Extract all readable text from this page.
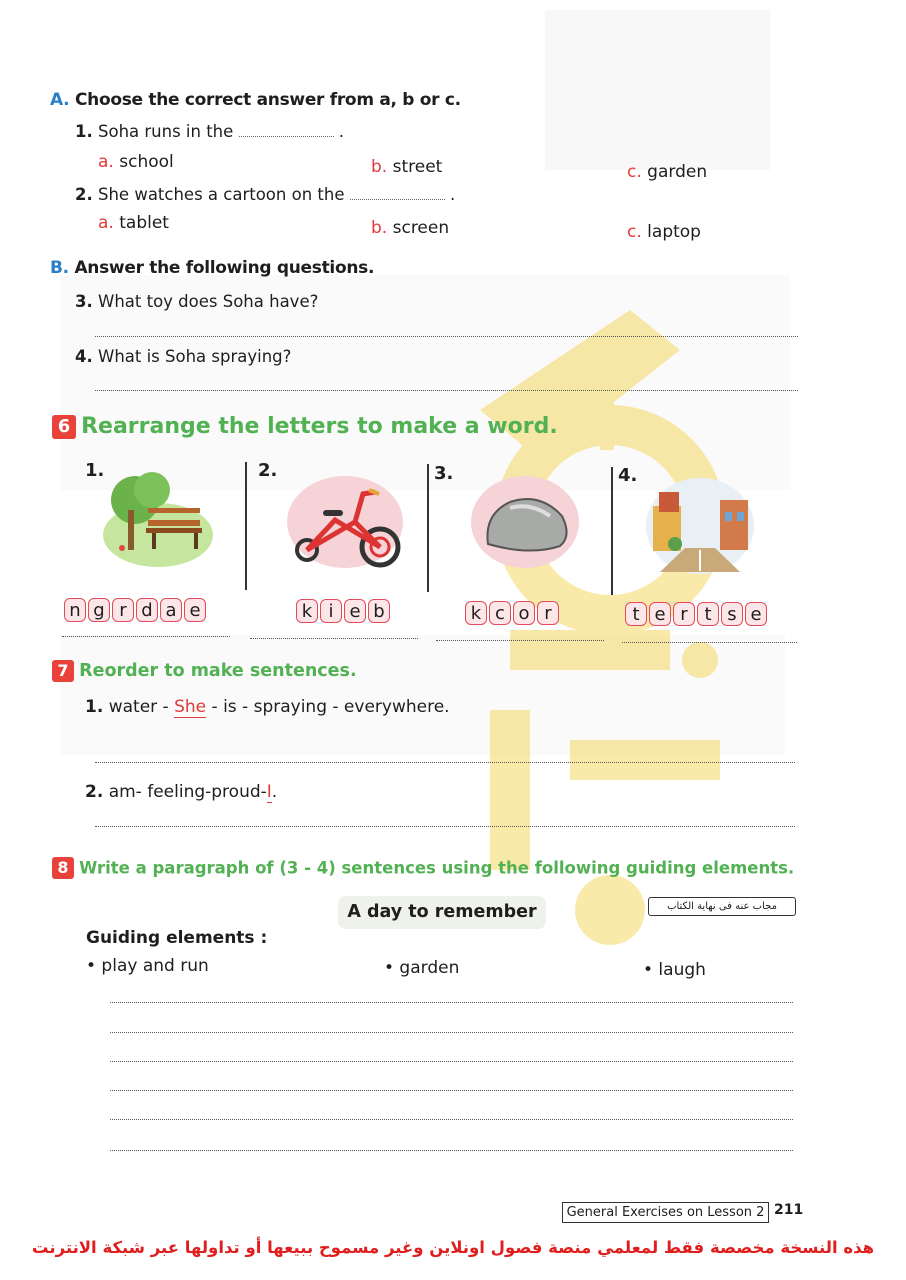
A. Choose the correct answer from a, b or c.
1. Soha runs in the	.
a. school	b. street	c. garden
2. She watches a cartoon on the	.
a. tablet	b. screen	c. laptop
B. Answer the following questions.
3. What toy does Soha have?
4. What is Soha spraying?
6 Rearrange the letters to make a word.
1.	2.	3.	4.
n g r d a e	k i e b	k c o r	t e r t s e
7 Reorder to make sentences.
1. water - She - is - spraying - everywhere.
2. am- feeling-proud-I.
8 Write a paragraph of (3 - 4) sentences using the following guiding elements.
مجاب عنه فى نهاية الكتاب
A day to remember
Guiding elements :
• play and run	• garden	• laugh
General Exercises on Lesson 2 211
هذه النسخة مخصصة فقط لمعلمي منصة فصول اونلاين وغير مسموح ببيعها أو تداولها عبر شبكة الانترنت
